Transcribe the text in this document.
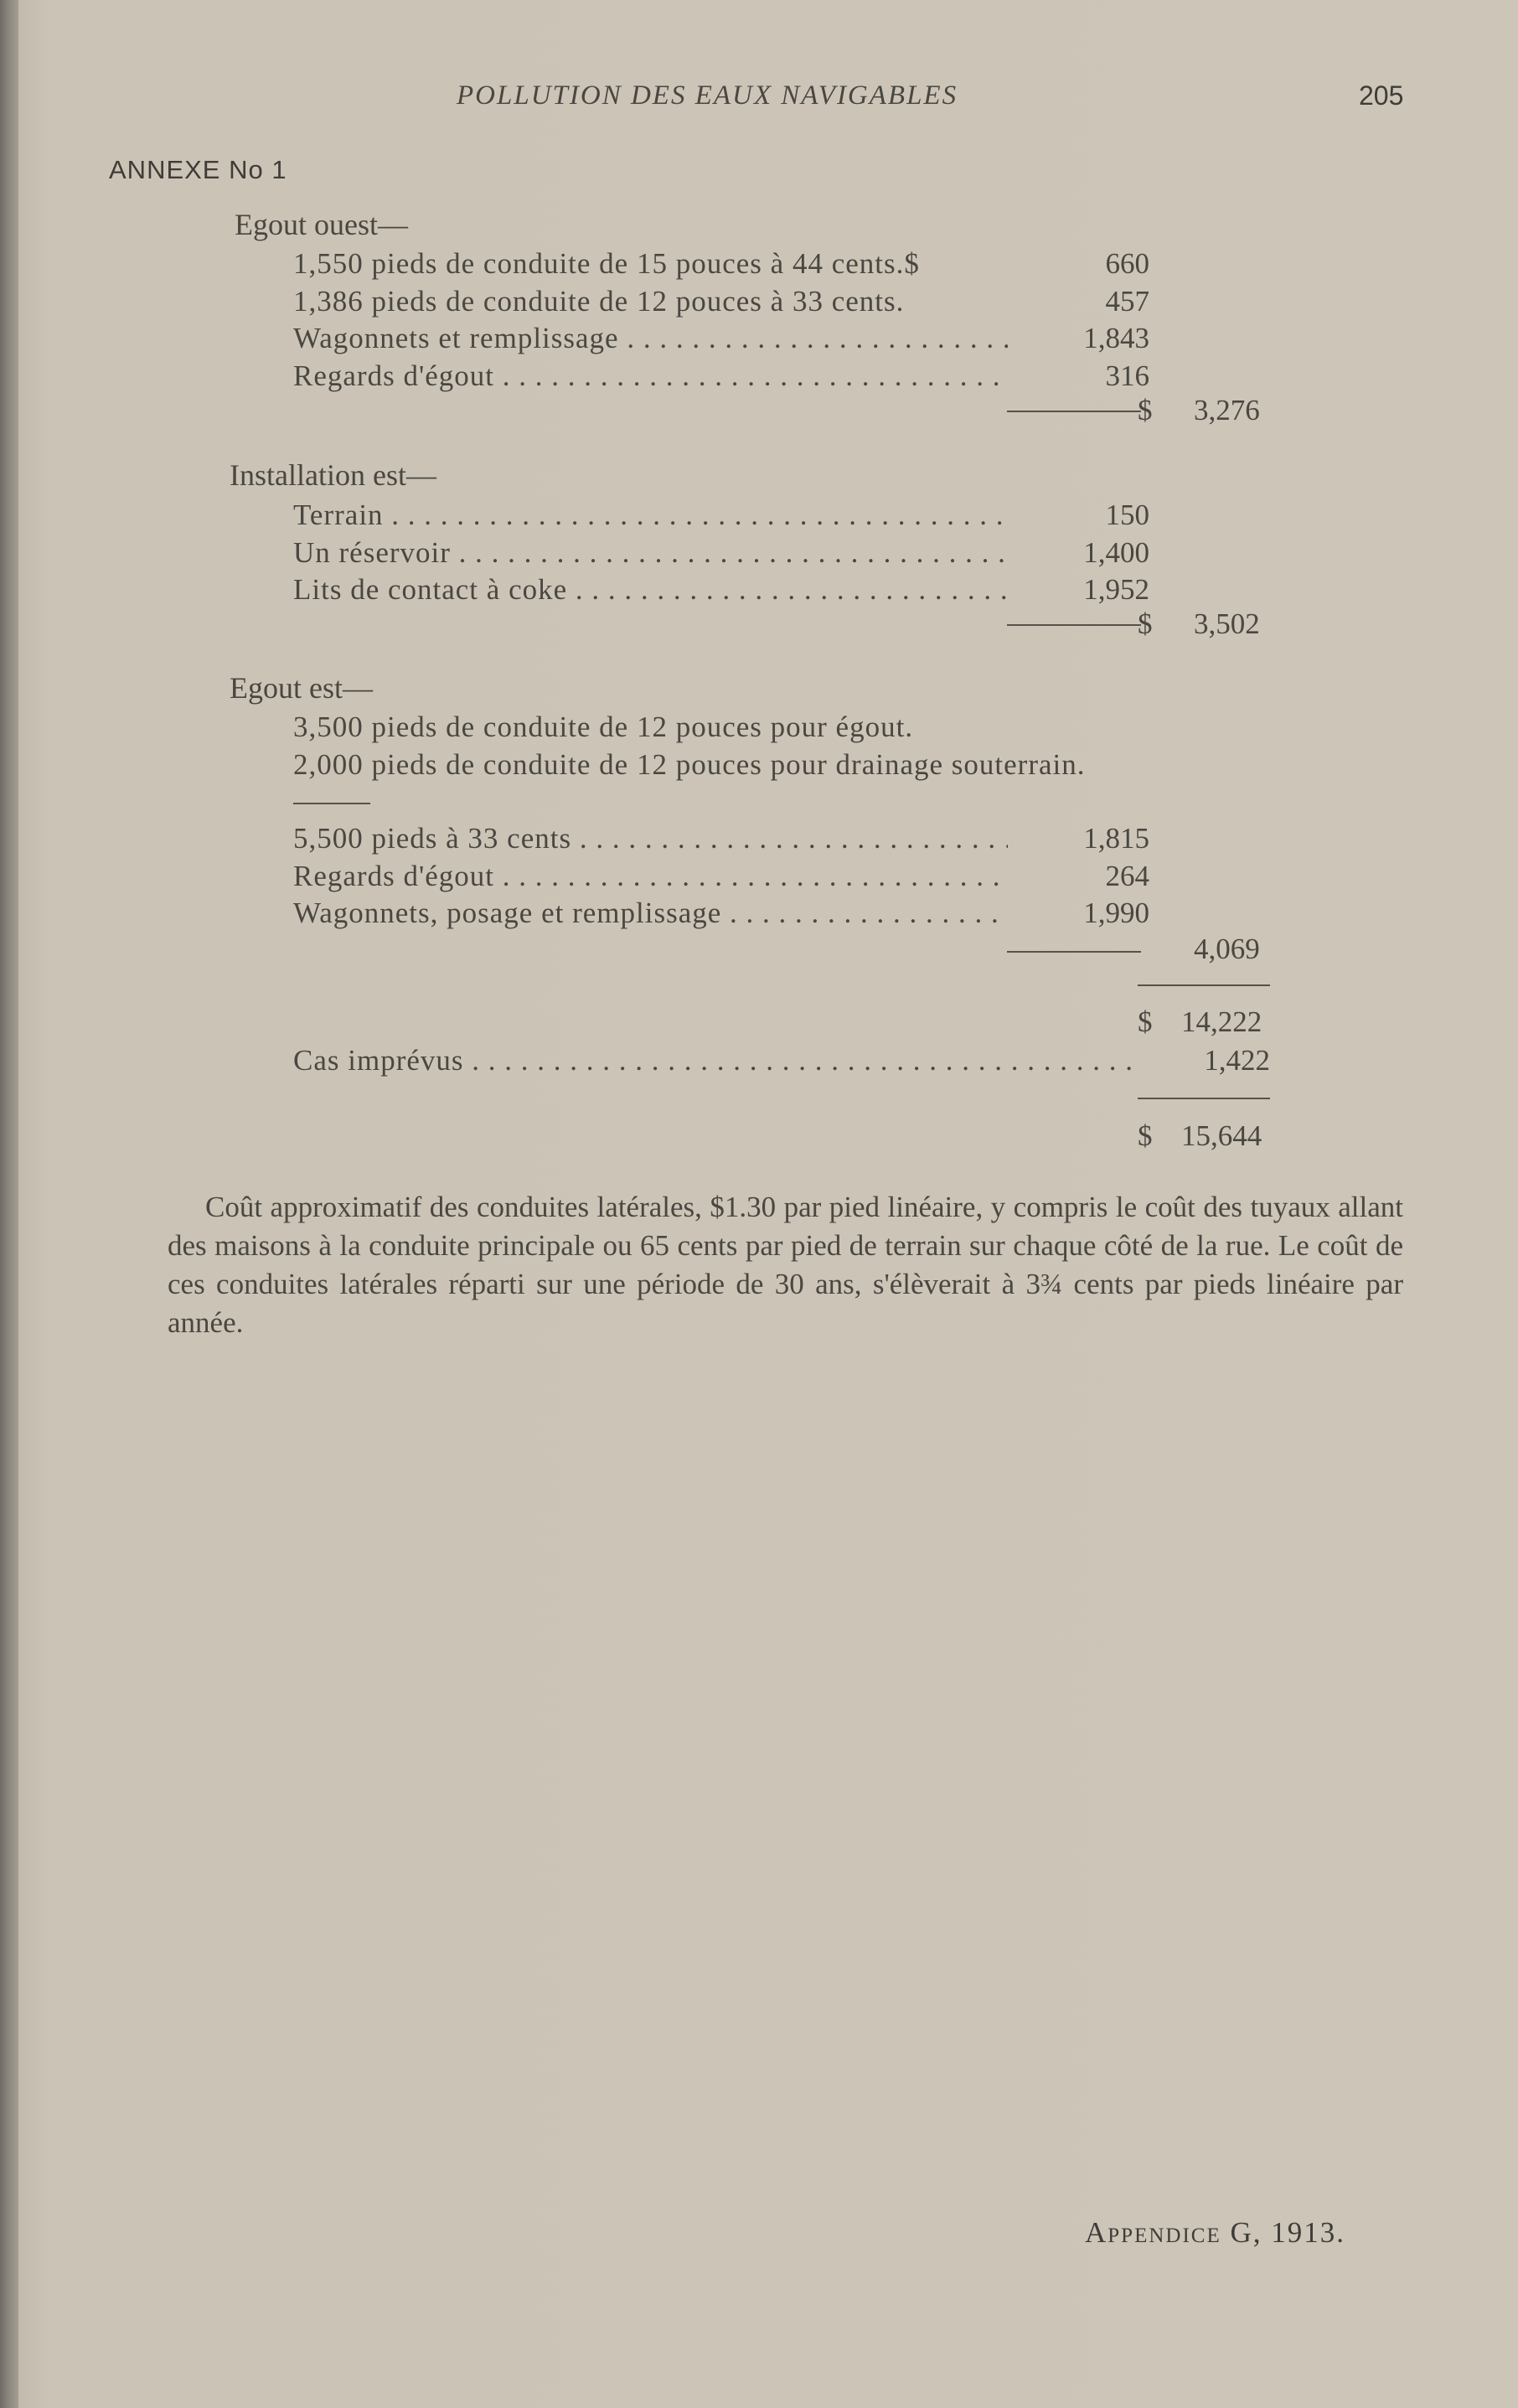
POLLUTION DES EAUX NAVIGABLES	205
ANNEXE No 1
Egout ouest—
1,550 pieds de conduite de 15 pouces à 44 cents.$	660
1,386 pieds de conduite de 12 pouces à 33 cents.	457
Wagonnets et remplissage . . .	1,843
Regards d'égout . . .	316
$ 3,276
Installation est—
Terrain . . .	150
Un réservoir . . .	1,400
Lits de contact à coke . . .	1,952
$ 3,502
Egout est—
3,500 pieds de conduite de 12 pouces pour égout.
2,000 pieds de conduite de 12 pouces pour drainage souterrain.
5,500 pieds à 33 cents . . .	1,815
Regards d'égout . . .	264
Wagonnets, posage et remplissage . . .	1,990
4,069
$ 14,222
Cas imprévus . . .	1,422
$ 15,644

Coût approximatif des conduites latérales, $1.30 par pied linéaire, y compris le coût des tuyaux allant des maisons à la conduite principale ou 65 cents par pied de terrain sur chaque côté de la rue. Le coût de ces conduites latérales réparti sur une période de 30 ans, s'élèverait à 3¾ cents par pieds linéaire par année.

Appendice G, 1913.
